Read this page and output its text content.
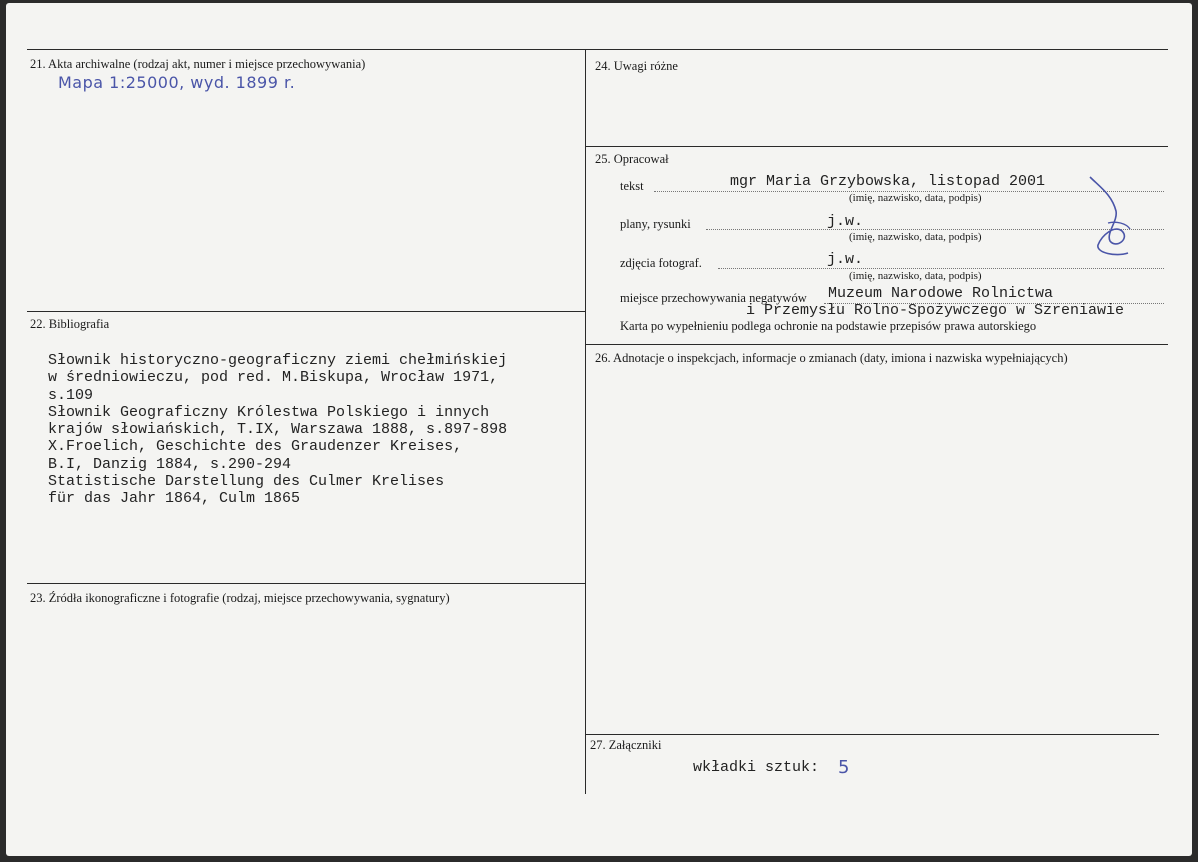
21. Akta archiwalne (rodzaj akt, numer i miejsce przechowywania)
Mapa 1:25000, wyd. 1899 r.
22. Bibliografia
Słownik historyczno-geograficzny ziemi chełmińskiej
w średniowieczu, pod red. M.Biskupa, Wrocław 1971,
s.109
Słownik Geograficzny Królestwa Polskiego i innych
krajów słowiańskich, T.IX, Warszawa 1888, s.897-898
X.Froelich, Geschichte des Graudenzer Kreises,
B.I, Danzig 1884, s.290-294
Statistische Darstellung des Culmer Krelises
für das Jahr 1864, Culm 1865
23. Źródła ikonograficzne i fotografie (rodzaj, miejsce przechowywania, sygnatury)
24. Uwagi różne
25. Opracował
tekst	mgr Maria Grzybowska, listopad 2001
(imię, nazwisko, data, podpis)
plany, rysunki	j.w.
(imię, nazwisko, data, podpis)
zdjęcia fotograf.	j.w.
(imię, nazwisko, data, podpis)
miejsce przechowywania negatywów Muzeum Narodowe Rolnictwa
i Przemysłu Rolno-Spożywczego w Szreniawie
Karta po wypełnieniu podlega ochronie na podstawie przepisów prawa autorskiego
26. Adnotacje o inspekcjach, informacje o zmianach (daty, imiona i nazwiska wypełniających)
27. Załączniki
wkładki sztuk: 5
